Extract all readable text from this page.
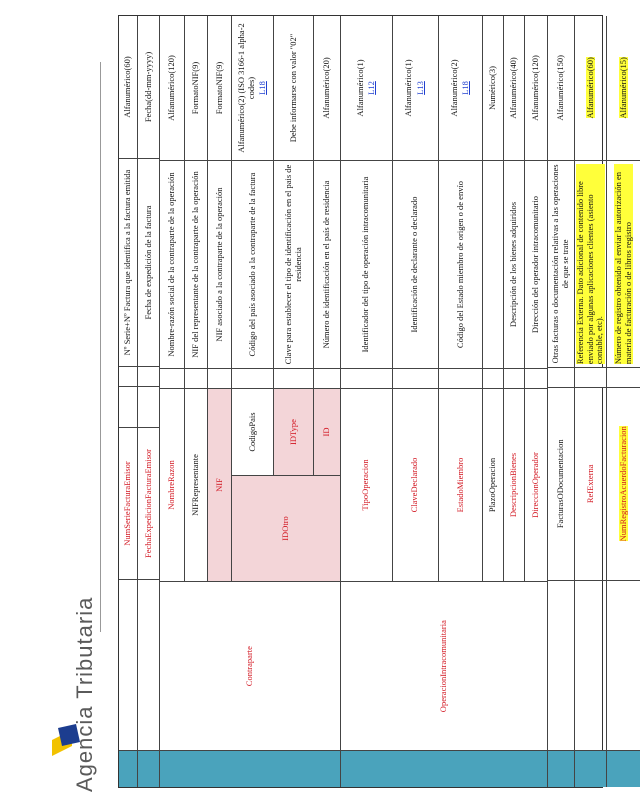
Agencia Tributaria
NumSerieFacturaEmisor
Nº Serie+Nº Factura que identifica a la factura emitida
Alfanumérico(60)
FechaExpedicionFacturaEmisor
Fecha de expedición de la factura
Fecha(dd-mm-yyyy)
Contraparte
NombreRazon
Nombre-razón social de la contraparte de la operación
Alfanumérico(120)
NIFRepresentante
NIF del representante de la contraparte de la operación
FormatoNIF(9)
NIF
NIF asociado a la contraparte de la operación
FormatoNIF(9)
IDOtro
CodigoPais
Código del país asociado a la contraparte de la factura
Alfanumérico(2) (ISO 3166-1 alpha-2 codes) L18
IDType
Clave para establecer el tipo de identificación en el pais de residencia
Debe informarse con valor "02"
ID
Número de identificación en el país de residencia
Alfanumérico(20)
OperacionIntracomunitaria
TipoOperacion
Identificador del tipo de operación intracomunitaria
Alfanumérico(1) L12
ClaveDeclarado
Identificación de declarante o declarado
Alfanumérico(1) L13
EstadoMiembro
Código del Estado miembro de origen o de envío
Alfanumérico(2) L18
PlazoOperacion
Numérico(3)
DescripcionBienes
Descripción de los bienes adquiridos
Alfanumérico(40)
DireccionOperador
Dirección del operador intracomunitario
Alfanumérico(120)
FacturasODocumentacion
Otras facturas o documentación relativas a las operaciones de que se trate
Alfanumérico(150)
RefExterna
Referencia Externa. Dato adicional de contenido libre enviado por algunas aplicaciones clientes (asiento contable, etc).
Alfanumérico(60)
NumRegistroAcuerdoFacturacion
Número de registro obtenido al enviar la autorización en materia de facturación o de libros registro
Alfanumérico(15)
